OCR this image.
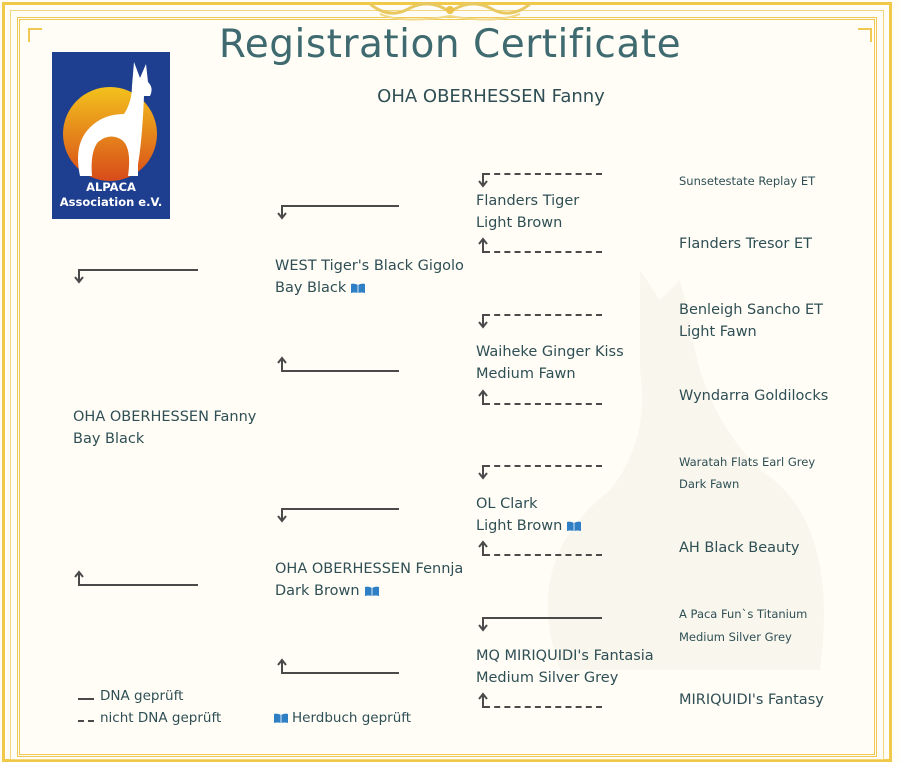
Registration Certificate
OHA OBERHESSEN Fanny
ALPACA
Association e.V.
OHA OBERHESSEN Fanny
Bay Black
WEST Tiger's Black Gigolo
Bay Black
OHA OBERHESSEN Fennja
Dark Brown
Flanders Tiger
Light Brown
Waiheke Ginger Kiss
Medium Fawn
OL Clark
Light Brown
MQ MIRIQUIDI's Fantasia
Medium Silver Grey
Sunsetestate Replay ET
Flanders Tresor ET
Benleigh Sancho ET
Light Fawn
Wyndarra Goldilocks
Waratah Flats Earl Grey
Dark Fawn
AH Black Beauty
A Paca Fun`s Titanium
Medium Silver Grey
MIRIQUIDI's Fantasy
DNA geprüft
nicht DNA geprüft	Herdbuch geprüft
